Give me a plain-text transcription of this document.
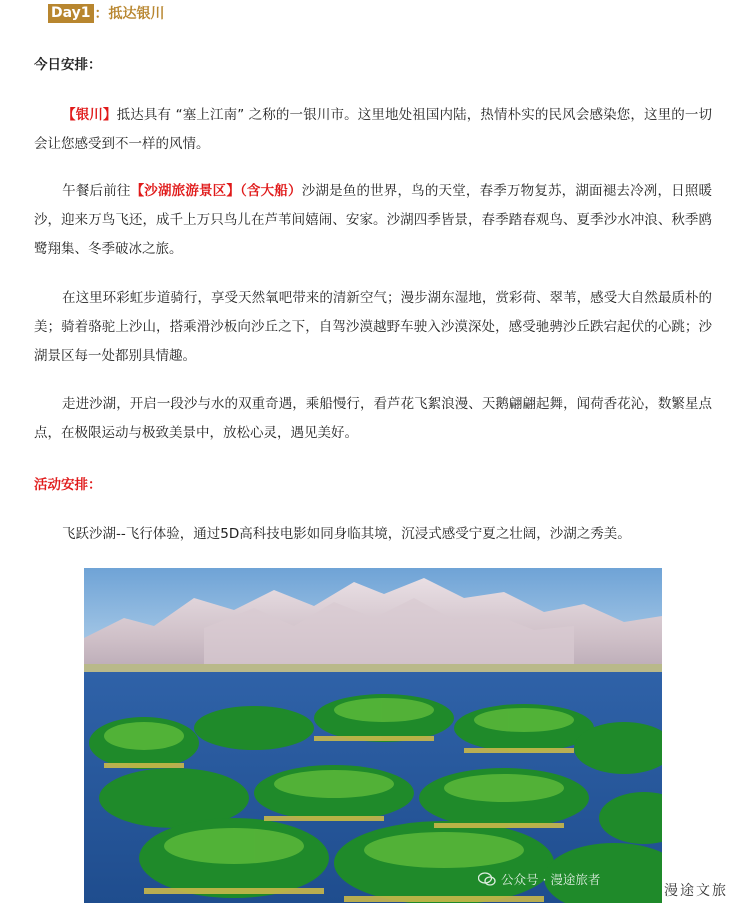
Day1 ：抵达银川
今日安排：
【银川】抵达具有 “塞上江南” 之称的一银川市。这里地处祖国内陆，热情朴实的民风会感染您，这里的一切会让您感受到不一样的风情。
午餐后前往【沙湖旅游景区】（含大船）沙湖是鱼的世界，鸟的天堂，春季万物复苏，湖面褪去冷冽，日照暖沙，迎来万鸟飞还，成千上万只鸟儿在芦苇间嬉闹、安家。沙湖四季皆景，春季踏春观鸟、夏季沙水冲浪、秋季鸥鹭翔集、冬季破冰之旅。
在这里环彩虹步道骑行，享受天然氧吧带来的清新空气；漫步湖东湿地，赏彩荷、翠苇，感受大自然最质朴的美；骑着骆驼上沙山，搭乘滑沙板向沙丘之下，自驾沙漠越野车驶入沙漠深处，感受驰骋沙丘跌宕起伏的心跳；沙湖景区每一处都别具情趣。
走进沙湖，开启一段沙与水的双重奇遇，乘船慢行，看芦花飞絮浪漫、天鹅翩翩起舞，闻荷香花沁，数繁星点点，在极限运动与极致美景中，放松心灵，遇见美好。
活动安排：
飞跃沙湖--飞行体验，通过5D高科技电影如同身临其境，沉浸式感受宁夏之壮阔，沙湖之秀美。
公众号 · 漫途旅者
漫途文旅
